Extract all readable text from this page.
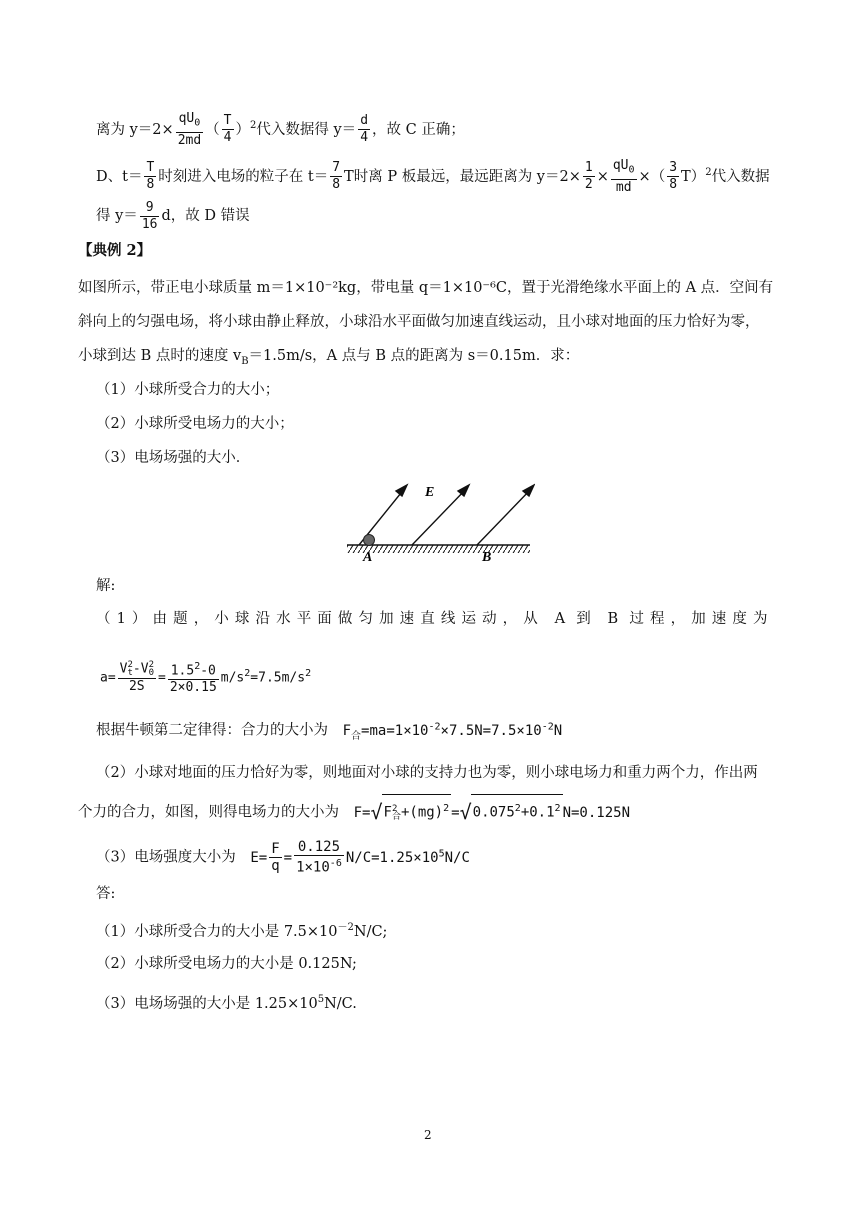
离为 $y=2\times \frac{qU_0}{2md}$ （ $\frac{T}{4} )^2$代入数据得 $y= \frac{d}{4}$ ，故 C 正确；
D、$t= \frac{T}{8}$ 时刻进入电场的粒子在 $t= \frac{7}{8}$ T时离 P 板最远，最远距离为 $y=2\times \frac{1}{2} \times \frac{qU_0}{md}$ ×（ $\frac{3}{8} T)^2$代入数据
得 $y= \frac{9}{16}$ d，故 D 错误
【典例 2】
如图所示，带正电小球质量 m＝1×10⁻²kg，带电量 q＝1×10⁻⁶C，置于光滑绝缘水平面上的 A 点．空间有
斜向上的匀强电场，将小球由静止释放，小球沿水平面做匀加速直线运动，且小球对地面的压力恰好为零，
小球到达 B 点时的速度 $v_B=1.5m/s$，A 点与 B 点的距离为 s＝0.15m．求：
（1）小球所受合力的大小；
（2）小球所受电场力的大小；
（3）电场场强的大小．
E
A	B
解:
（1）由题，小球沿水平面做匀加速直线运动，从 A 到 B 过程，加速度为
a= V 2
t -V 2
0
$2S = \frac{1.5^2-0}{2\times 0.15} m/s^2=7.5m/s^2$
根据牛顿第二定律得：合力的大小为 $F_合=ma=1\times 10^{-2}\times 7.5N=7.5\times 10^{-2}N$
（2）小球对地面的压力恰好为零，则地面对小球的支持力也为零，则小球电场力和重力两个力，作出两
个力的合力，如图，则得电场力的大小为 F=√F 2
合 $+(mg)^2 =√0.075^2+0.1^2$ N=0.125N
（3）电场强度大小为 $E= \frac{F}{q} = \frac{0.125}{1\times 10^{-6}} N/C=1.25\times 10^5N/C$
答:
（1）小球所受合力的大小是 $7.5\times 10^{-2}N/C$;
（2）小球所受电场力的大小是 0.125N;
（3）电场场强的大小是 $1.25\times 10^5N/C$.
2
